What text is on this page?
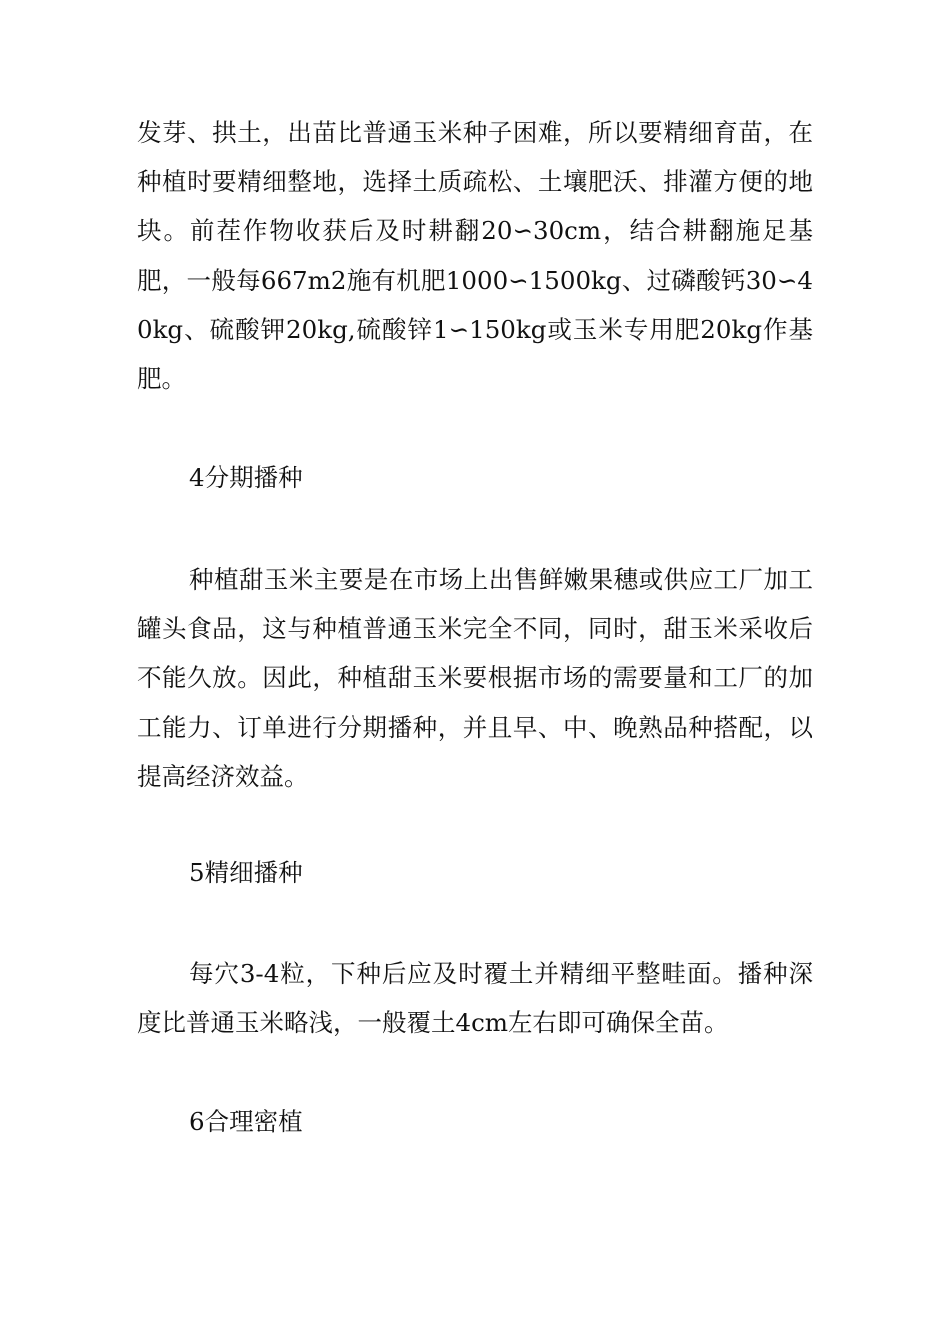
发芽、拱土，出苗比普通玉米种子困难，所以要精细育苗，在种植时要精细整地，选择土质疏松、土壤肥沃、排灌方便的地块。前茬作物收获后及时耕翻20∽30cm，结合耕翻施足基肥，一般每667m2施有机肥1000∽1500kg、过磷酸钙30∽40kg、硫酸钾20kg,硫酸锌1∽150kg或玉米专用肥20kg作基肥。

4分期播种

种植甜玉米主要是在市场上出售鲜嫩果穗或供应工厂加工罐头食品，这与种植普通玉米完全不同，同时，甜玉米采收后不能久放。因此，种植甜玉米要根据市场的需要量和工厂的加工能力、订单进行分期播种，并且早、中、晚熟品种搭配，以提高经济效益。

5精细播种

每穴3-4粒，下种后应及时覆土并精细平整畦面。播种深度比普通玉米略浅，一般覆土4cm左右即可确保全苗。

6合理密植
